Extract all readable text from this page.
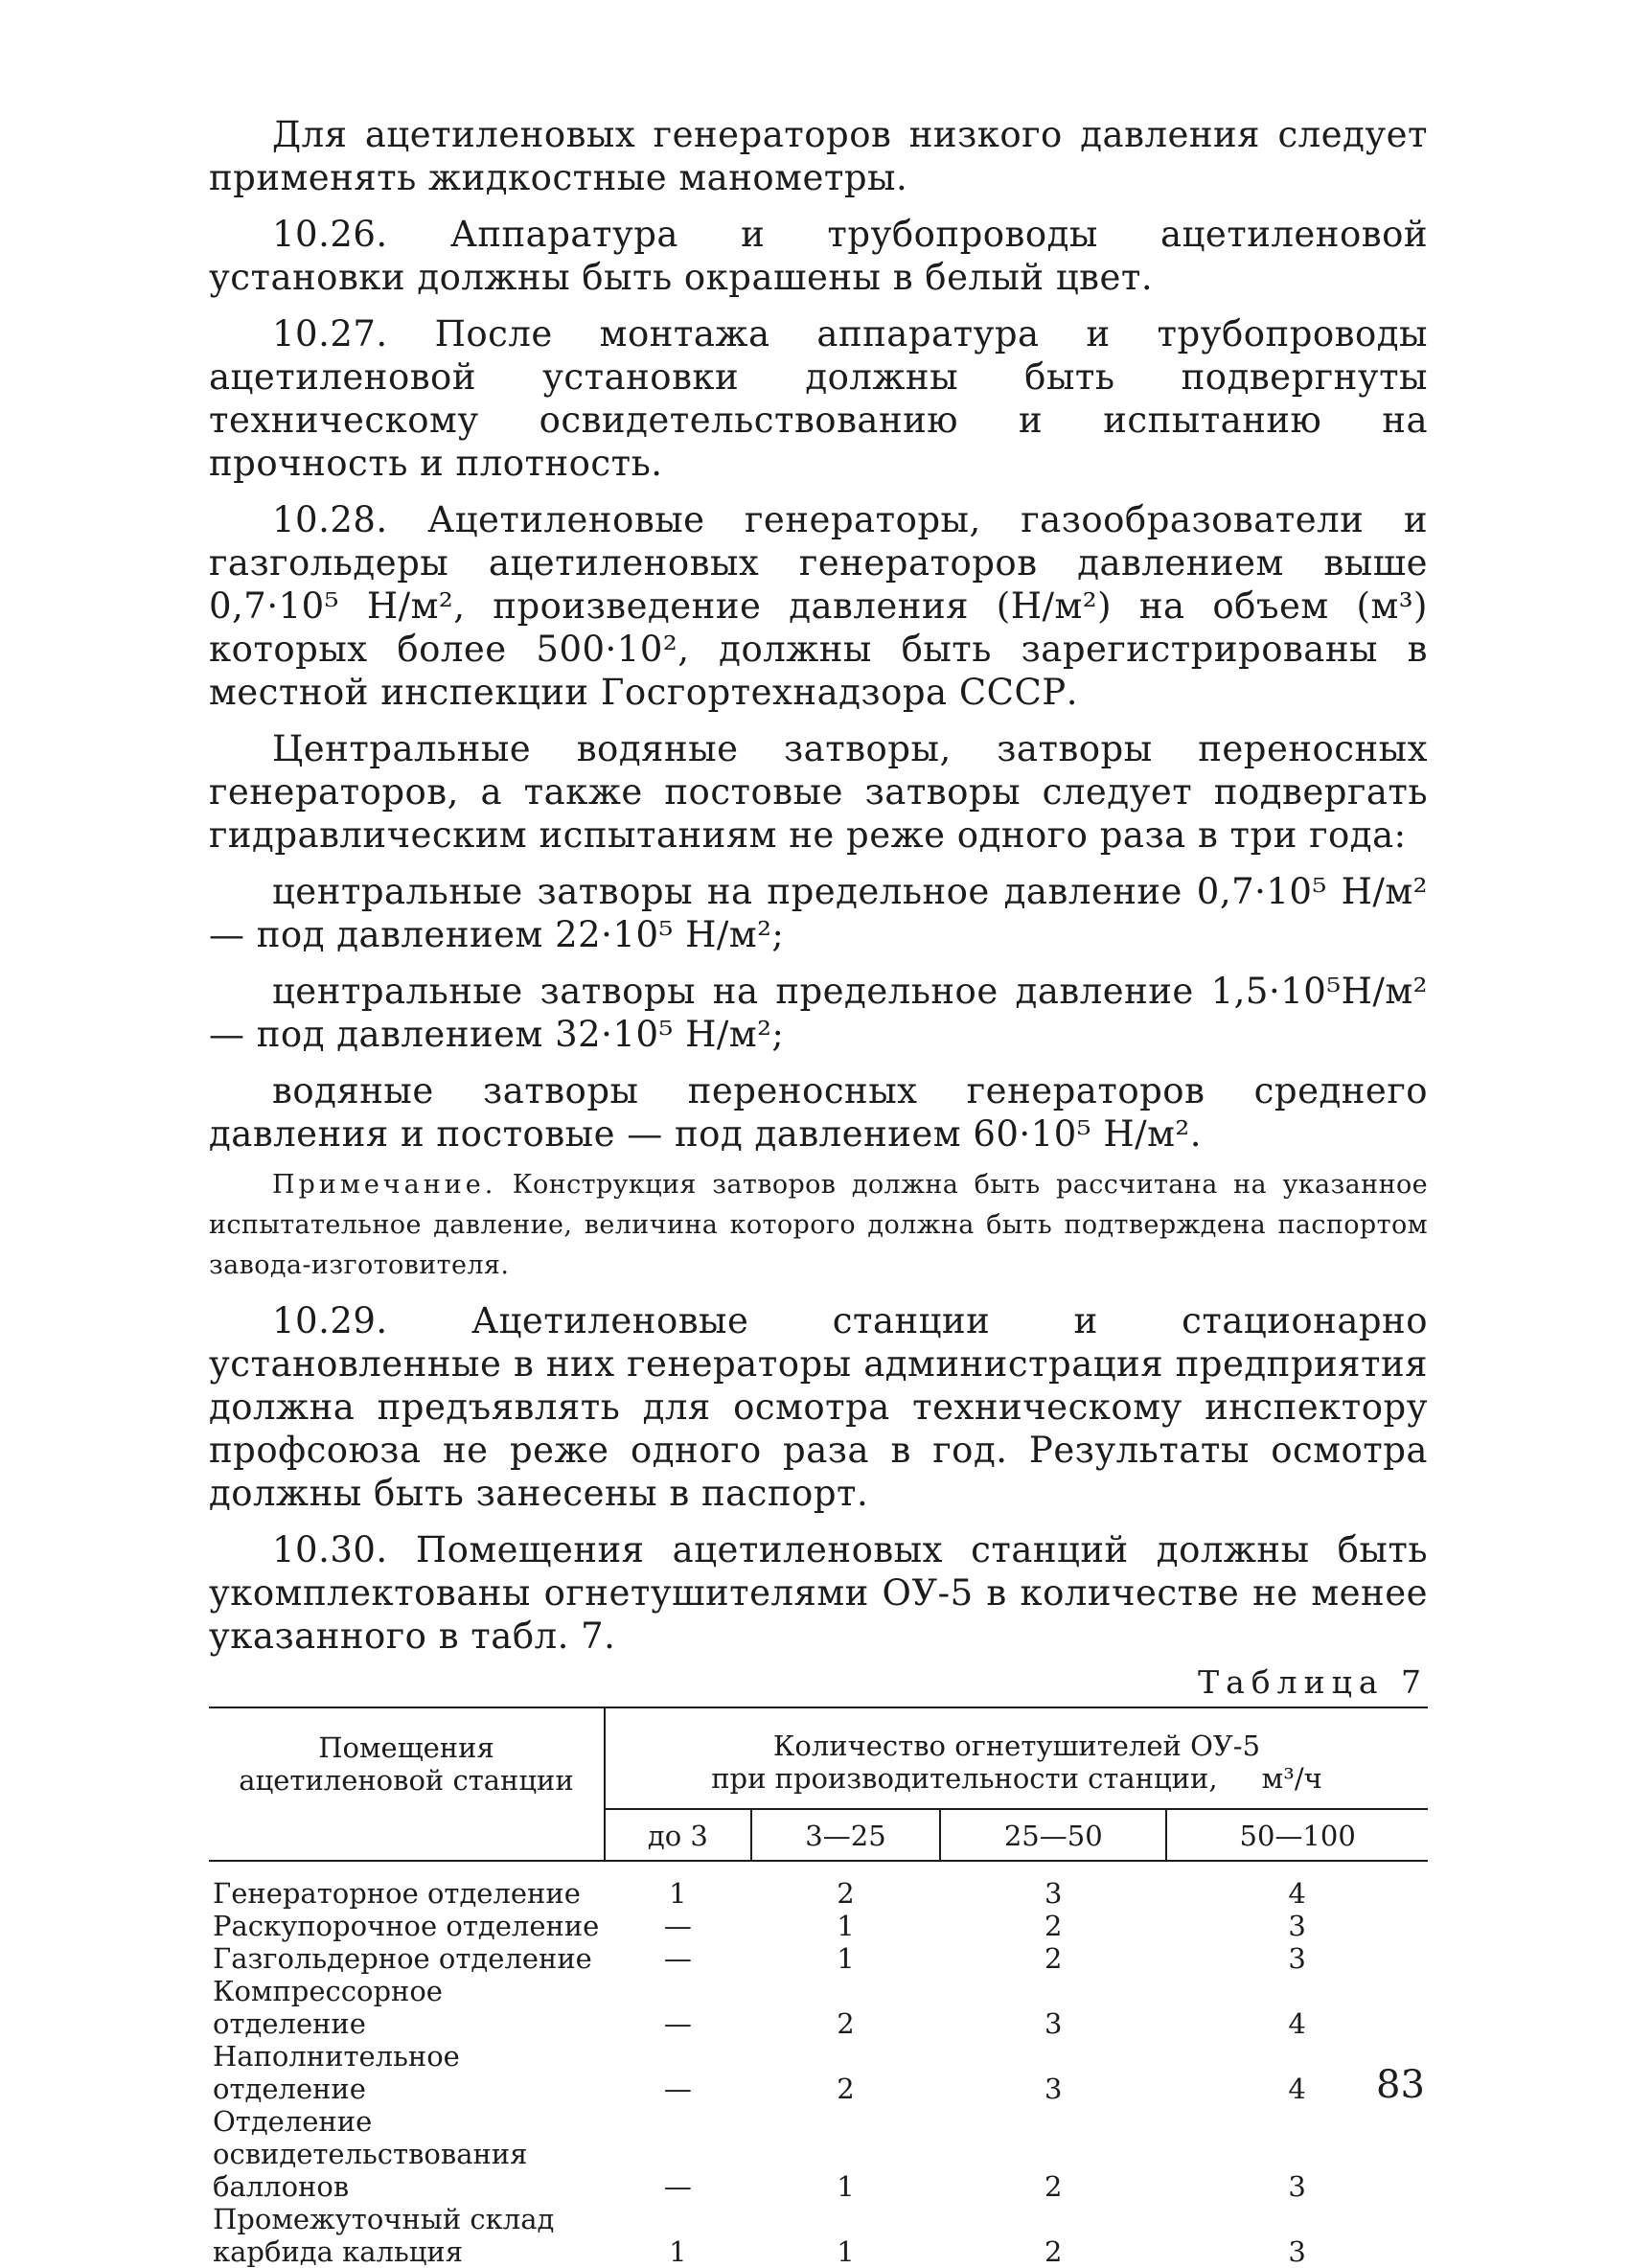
Для ацетиленовых генераторов низкого давления следует применять жидкостные манометры.

10.26. Аппаратура и трубопроводы ацетиленовой установки должны быть окрашены в белый цвет.

10.27. После монтажа аппаратура и трубопроводы ацетиленовой установки должны быть подвергнуты техническому освидетельствованию и испытанию на прочность и плотность.

10.28. Ацетиленовые генераторы, газообразователи и газгольдеры ацетиленовых генераторов давлением выше 0,7·10⁵ Н/м², произведение давления (Н/м²) на объем (м³) которых более 500·10², должны быть зарегистрированы в местной инспекции Госгортехнадзора СССР.

Центральные водяные затворы, затворы переносных генераторов, а также постовые затворы следует подвергать гидравлическим испытаниям не реже одного раза в три года:

центральные затворы на предельное давление 0,7·10⁵ Н/м² — под давлением 22·10⁵ Н/м²;

центральные затворы на предельное давление 1,5·10⁵Н/м² — под давлением 32·10⁵ Н/м²;

водяные затворы переносных генераторов среднего давления и постовые — под давлением 60·10⁵ Н/м².

Примечание. Конструкция затворов должна быть рассчитана на указанное испытательное давление, величина которого должна быть подтверждена паспортом завода-изготовителя.

10.29. Ацетиленовые станции и стационарно установленные в них генераторы администрация предприятия должна предъявлять для осмотра техническому инспектору профсоюза не реже одного раза в год. Результаты осмотра должны быть занесены в паспорт.

10.30. Помещения ацетиленовых станций должны быть укомплектованы огнетушителями ОУ-5 в количестве не менее указанного в табл. 7.

Таблица 7
Помещения ацетиленовой станции	Количество огнетушителей ОУ-5
при производительности станции, м³/ч			
	до 3	3—25	25—50	50—100
Генераторное отделение	1	2	3	4
Раскупорочное отделение	—	1	2	3
Газгольдерное отделение	—	1	2	3
Компрессорное отделение	—	2	3	4
Наполнительное отделение	—	2	3	4
Отделение освидетельствования баллонов	—	1	2	3
Промежуточный склад карбида кальция	1	1	2	3
83
